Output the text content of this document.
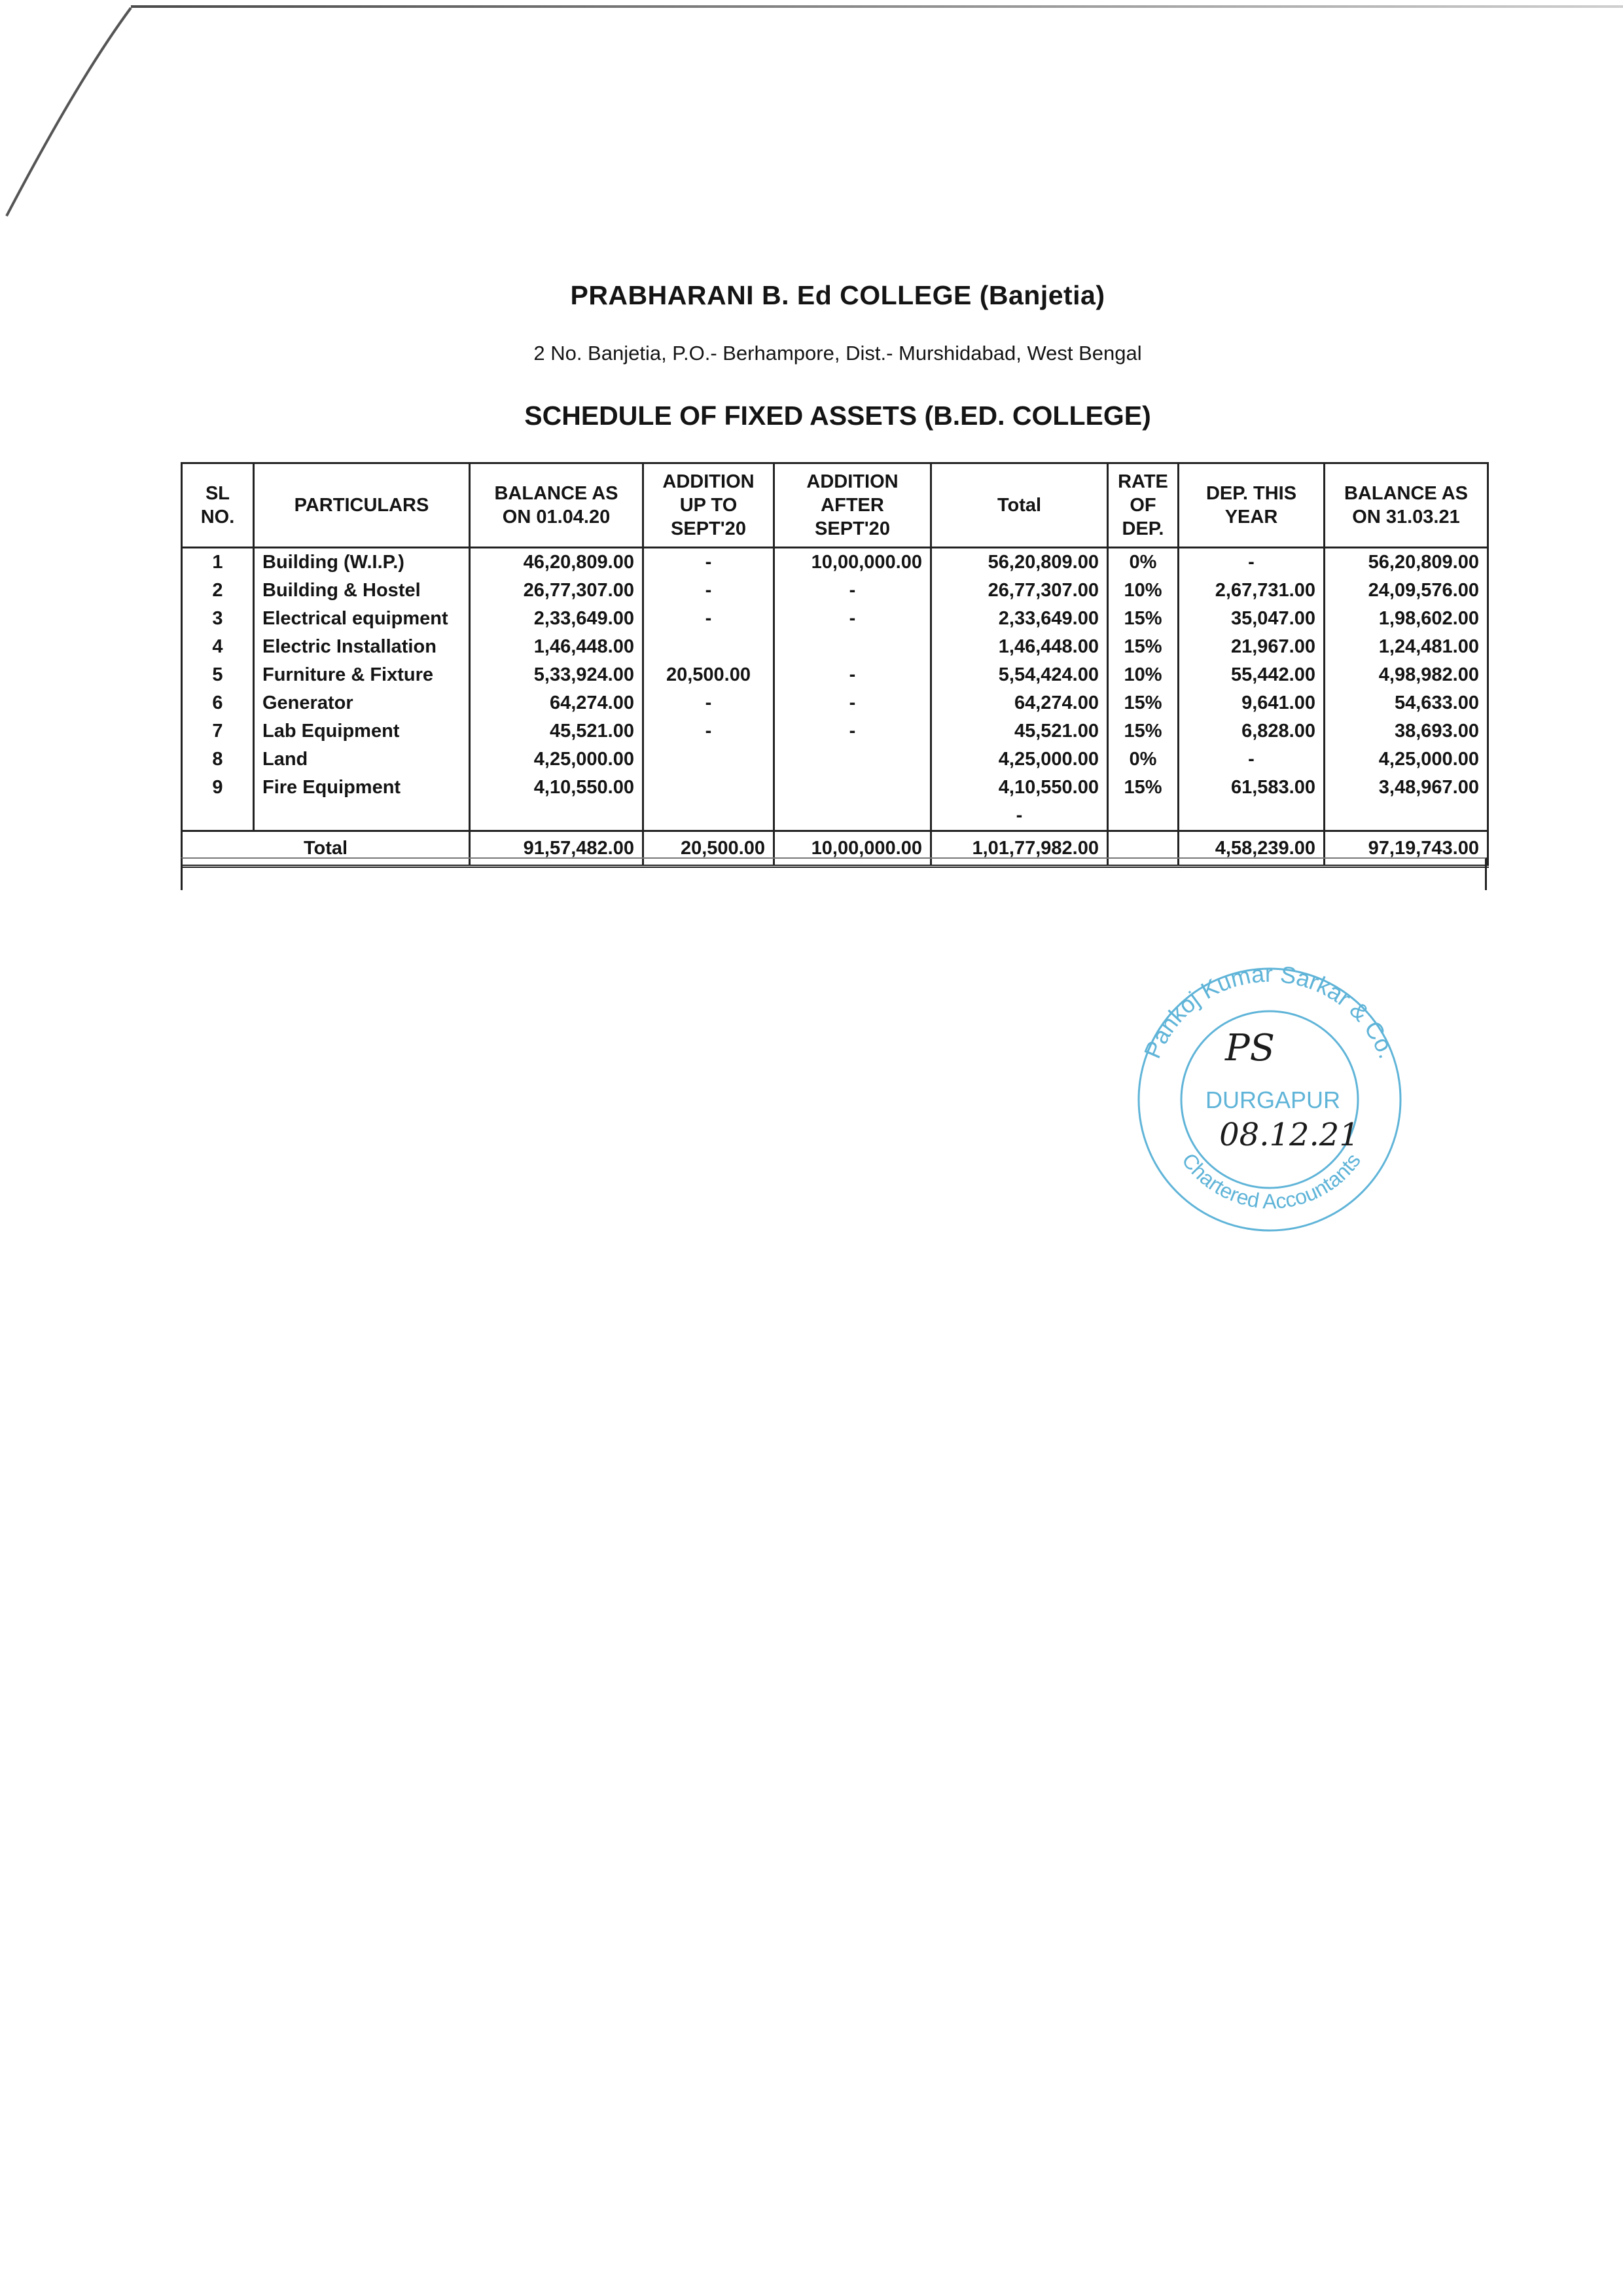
PRABHARANI B. Ed COLLEGE (Banjetia)
2 No. Banjetia, P.O.- Berhampore, Dist.- Murshidabad, West Bengal
SCHEDULE OF FIXED ASSETS (B.ED. COLLEGE)
SL NO.	PARTICULARS	BALANCE AS ON 01.04.20	ADDITION UP TO SEPT'20	ADDITION AFTER SEPT'20	Total	RATE OF DEP.	DEP. THIS YEAR	BALANCE AS ON 31.03.21
1	Building (W.I.P.)	46,20,809.00	-	10,00,000.00	56,20,809.00	0%	-	56,20,809.00
2	Building & Hostel	26,77,307.00	-	-	26,77,307.00	10%	2,67,731.00	24,09,576.00
3	Electrical equipment	2,33,649.00	-	-	2,33,649.00	15%	35,047.00	1,98,602.00
4	Electric Installation	1,46,448.00			1,46,448.00	15%	21,967.00	1,24,481.00
5	Furniture & Fixture	5,33,924.00	20,500.00	-	5,54,424.00	10%	55,442.00	4,98,982.00
6	Generator	64,274.00	-	-	64,274.00	15%	9,641.00	54,633.00
7	Lab Equipment	45,521.00	-	-	45,521.00	15%	6,828.00	38,693.00
8	Land	4,25,000.00			4,25,000.00	0%	-	4,25,000.00
9	Fire Equipment	4,10,550.00			4,10,550.00	15%	61,583.00	3,48,967.00
					-			
Total		91,57,482.00	20,500.00	10,00,000.00	1,01,77,982.00		4,58,239.00	97,19,743.00
Pankoj Kumar Sarkar & Co.
Chartered Accountants
DURGAPUR
PS
08.12.21
